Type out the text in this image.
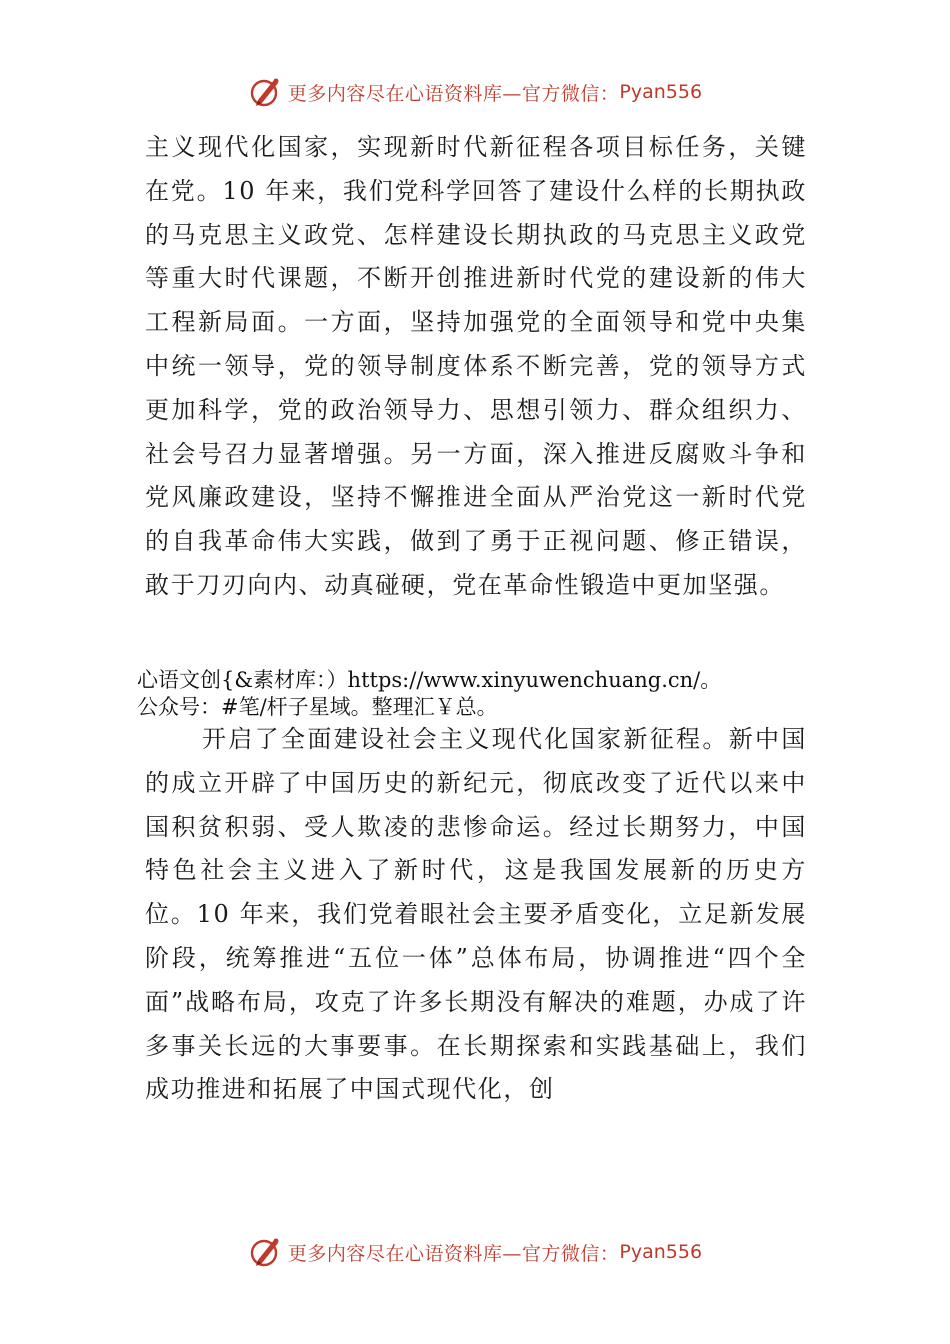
更多内容尽在心语资料库—官方微信： Pyan556

主义现代化国家，实现新时代新征程各项目标任务，关键在党。10 年来，我们党科学回答了建设什么样的长期执政的马克思主义政党、怎样建设长期执政的马克思主义政党等重大时代课题，不断开创推进新时代党的建设新的伟大工程新局面。一方面，坚持加强党的全面领导和党中央集中统一领导，党的领导制度体系不断完善，党的领导方式更加科学，党的政治领导力、思想引领力、群众组织力、社会号召力显著增强。另一方面，深入推进反腐败斗争和党风廉政建设，坚持不懈推进全面从严治党这一新时代党的自我革命伟大实践，做到了勇于正视问题、修正错误，敢于刀刃向内、动真碰硬，党在革命性锻造中更加坚强。

心语文创{&素材库：）https://www.xinyuwenchuang.cn/。

公众号：#笔/杆子星域。整理汇￥总。

开启了全面建设社会主义现代化国家新征程。新中国的成立开辟了中国历史的新纪元，彻底改变了近代以来中国积贫积弱、受人欺凌的悲惨命运。经过长期努力，中国特色社会主义进入了新时代，这是我国发展新的历史方位。10 年来，我们党着眼社会主要矛盾变化，立足新发展阶段，统筹推进“五位一体”总体布局，协调推进“四个全面”战略布局，攻克了许多长期没有解决的难题，办成了许多事关长远的大事要事。在长期探索和实践基础上，我们成功推进和拓展了中国式现代化，创

更多内容尽在心语资料库—官方微信： Pyan556
